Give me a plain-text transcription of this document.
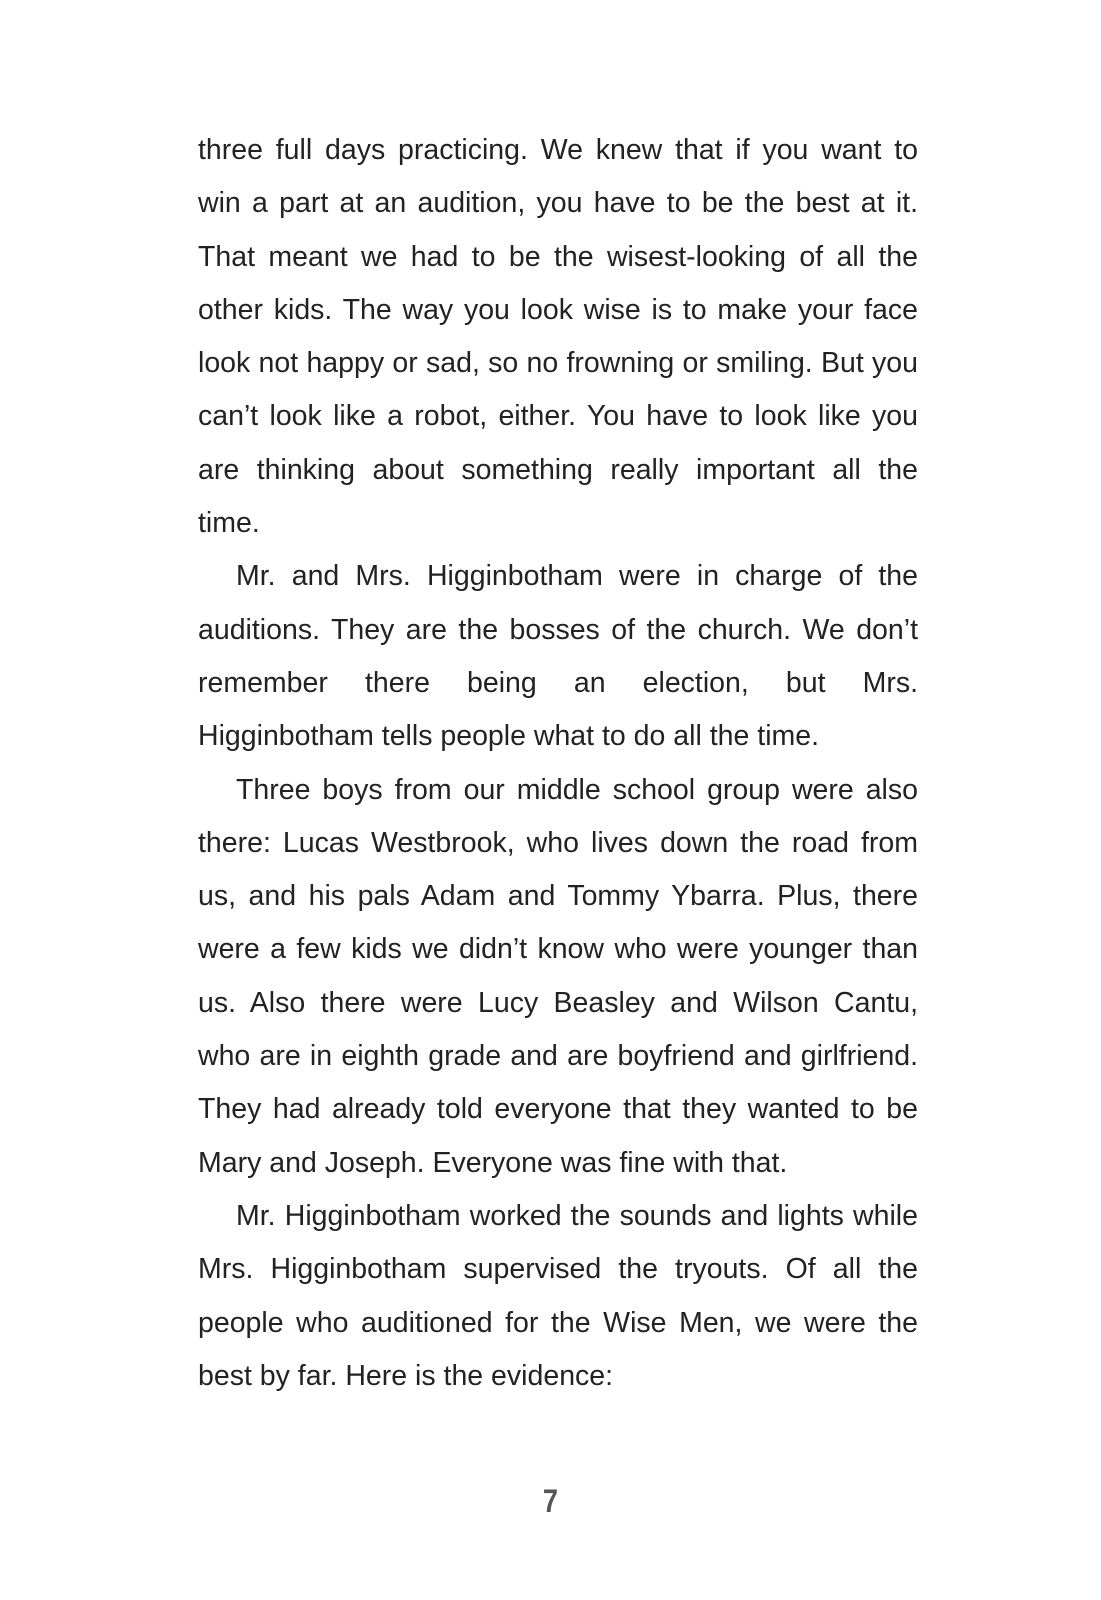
three full days practicing. We knew that if you want to win a part at an audition, you have to be the best at it. That meant we had to be the wisest-looking of all the other kids. The way you look wise is to make your face look not happy or sad, so no frowning or smiling. But you can’t look like a robot, either. You have to look like you are thinking about something really important all the time.

Mr. and Mrs. Higginbotham were in charge of the auditions. They are the bosses of the church. We don’t remember there being an election, but Mrs. Higginbotham tells people what to do all the time.

Three boys from our middle school group were also there: Lucas Westbrook, who lives down the road from us, and his pals Adam and Tommy Ybarra. Plus, there were a few kids we didn’t know who were younger than us. Also there were Lucy Beasley and Wilson Cantu, who are in eighth grade and are boyfriend and girlfriend. They had already told everyone that they wanted to be Mary and Joseph. Everyone was fine with that.

Mr. Higginbotham worked the sounds and lights while Mrs. Higginbotham supervised the tryouts. Of all the people who auditioned for the Wise Men, we were the best by far. Here is the evidence:

7
